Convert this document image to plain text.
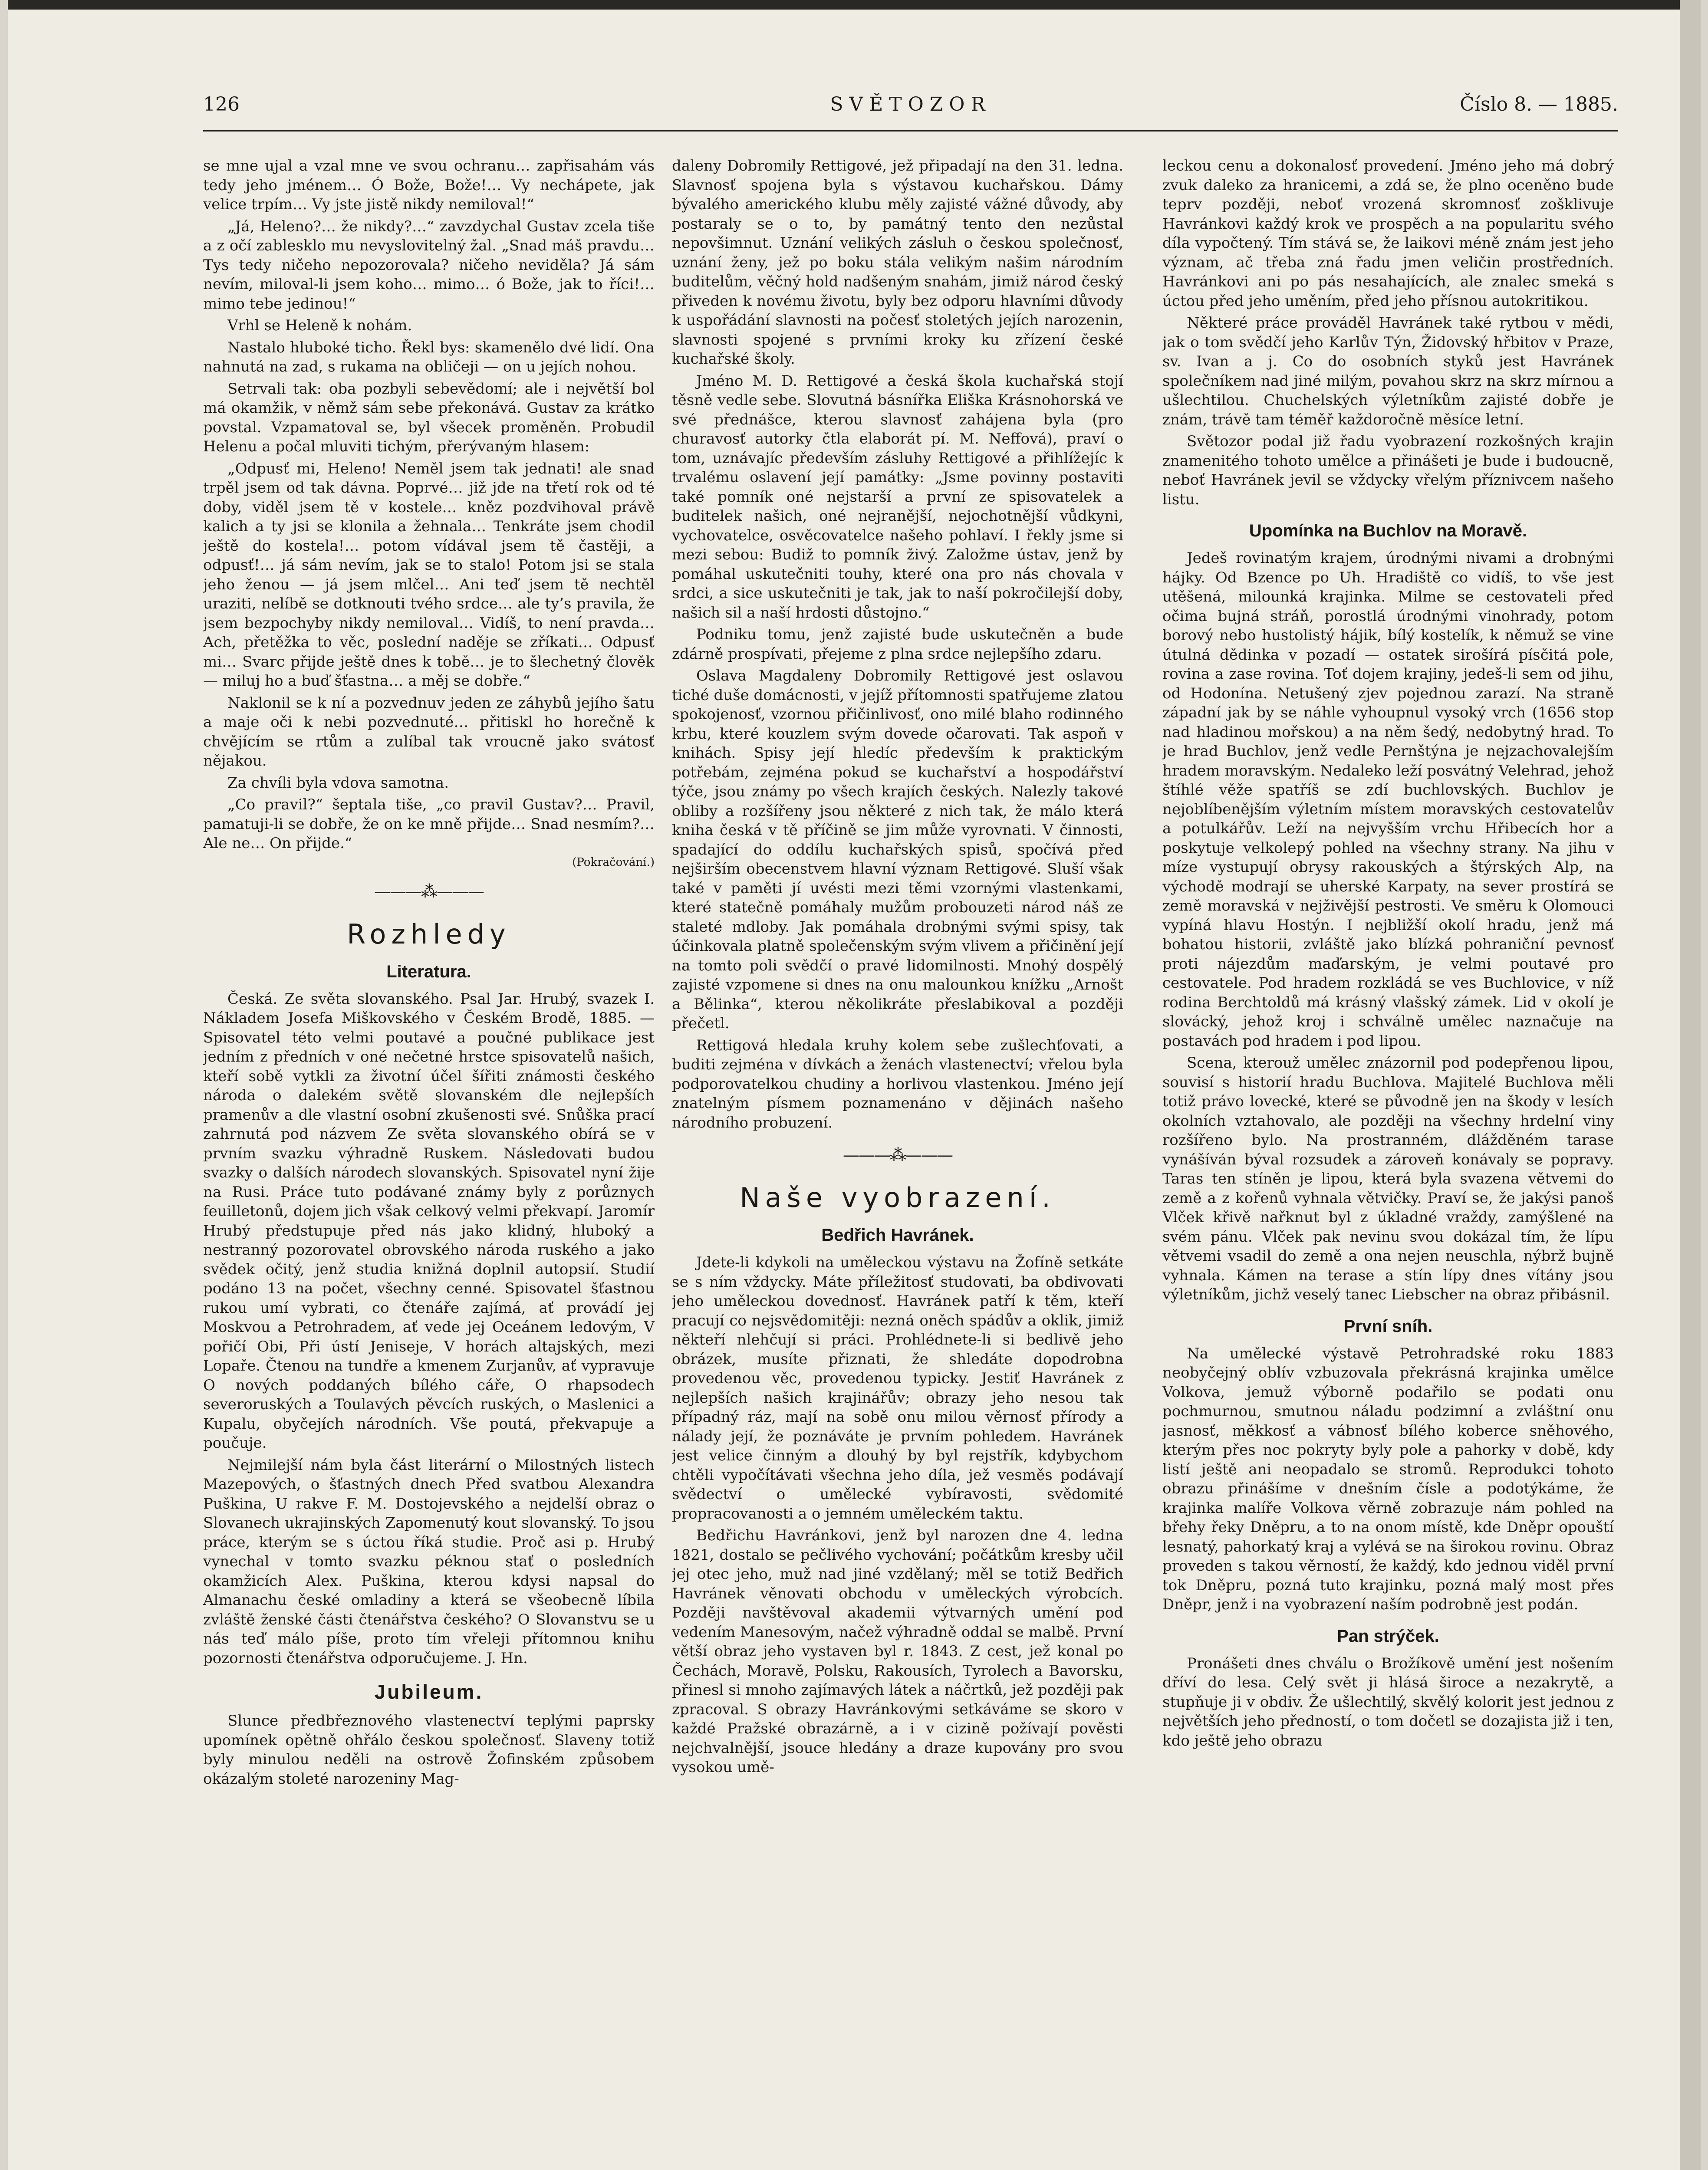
126	SVĚTOZOR	Číslo 8. — 1885.

se mne ujal a vzal mne ve svou ochranu… zapřisahám vás tedy jeho jménem… Ó Bože, Bože!… Vy nechápete, jak velice trpím… Vy jste jistě nikdy nemiloval!“

„Já, Heleno?… že nikdy?…“ zavzdychal Gustav zcela tiše a z očí zablesklo mu nevyslovitelný žal. „Snad máš pravdu… Tys tedy ničeho nepozorovala? ničeho neviděla? Já sám nevím, miloval-li jsem koho… mimo… ó Bože, jak to říci!… mimo tebe jedinou!“

Vrhl se Heleně k nohám.

Nastalo hluboké ticho. Řekl bys: skamenělo dvé lidí. Ona nahnutá na zad, s rukama na obličeji — on u jejích nohou.

Setrvali tak: oba pozbyli sebevědomí; ale i největší bol má okamžik, v němž sám sebe překonává. Gustav za krátko povstal. Vzpamatoval se, byl všecek proměněn. Probudil Helenu a počal mluviti tichým, přerývaným hlasem:

„Odpusť mi, Heleno! Neměl jsem tak jednati! ale snad trpěl jsem od tak dávna. Poprvé… již jde na třetí rok od té doby, viděl jsem tě v kostele… kněz pozdvihoval právě kalich a ty jsi se klonila a žehnala… Tenkráte jsem chodil ještě do kostela!… potom vídával jsem tě častěji, a odpusť!… já sám nevím, jak se to stalo! Potom jsi se stala jeho ženou — já jsem mlčel… Ani teď jsem tě nechtěl uraziti, nelíbě se dotknouti tvého srdce… ale ty’s pravila, že jsem bezpochyby nikdy nemiloval… Vidíš, to není pravda… Ach, přetěžka to věc, poslední naděje se zříkati… Odpusť mi… Svarc přijde ještě dnes k tobě… je to šlechetný člověk — miluj ho a buď šťastna… a měj se dobře.“

Naklonil se k ní a pozvednuv jeden ze záhybů jejího šatu a maje oči k nebi pozvednuté… přitiskl ho horečně k chvějícím se rtům a zulíbal tak vroucně jako svátosť nějakou.

Za chvíli byla vdova samotna.

„Co pravil?“ šeptala tiše, „co pravil Gustav?… Pravil, pamatuji-li se dobře, že on ke mně přijde… Snad nesmím?… Ale ne… On přijde.“

(Pokračování.)
———⁂———
Rozhledy
Literatura.

Česká. Ze světa slovanského. Psal Jar. Hrubý, svazek I. Nákladem Josefa Miškovského v Českém Brodě, 1885. — Spisovatel této velmi poutavé a poučné publikace jest jedním z předních v oné nečetné hrstce spisovatelů našich, kteří sobě vytkli za životní účel šířiti známosti českého národa o dalekém světě slovanském dle nejlepších pramenův a dle vlastní osobní zkušenosti své. Snůška prací zahrnutá pod názvem Ze světa slovanského obírá se v prvním svazku výhradně Ruskem. Následovati budou svazky o dalších národech slovanských. Spisovatel nyní žije na Rusi. Práce tuto podávané známy byly z porůznych feuilletonů, dojem jich však celkový velmi překvapí. Jaromír Hrubý předstupuje před nás jako klidný, hluboký a nestranný pozorovatel obrovského národa ruského a jako svědek očitý, jenž studia knižná doplnil autopsií. Studií podáno 13 na počet, všechny cenné. Spisovatel šťastnou rukou umí vybrati, co čtenáře zajímá, ať provádí jej Moskvou a Petrohradem, ať vede jej Oceánem ledovým, V pořičí Obi, Při ústí Jeniseje, V horách altajských, mezi Lopaře. Čtenou na tundře a kmenem Zurjanův, ať vypravuje O nových poddaných bílého cáře, O rhapsodech severoruských a Toulavých pěvcích ruských, o Maslenici a Kupalu, obyčejích národních. Vše poutá, překvapuje a poučuje.

Nejmilejší nám byla část literární o Milostných listech Mazepových, o šťastných dnech Před svatbou Alexandra Puškina, U rakve F. M. Dostojevského a nejdelší obraz o Slovanech ukrajinských Zapomenutý kout slovanský. To jsou práce, kterým se s úctou říká studie. Proč asi p. Hrubý vynechal v tomto svazku péknou stať o posledních okamžicích Alex. Puškina, kterou kdysi napsal do Almanachu české omladiny a která se všeobecně líbila zvláště ženské části čtenářstva českého? O Slovanstvu se u nás teď málo píše, proto tím vřeleji přítomnou knihu pozornosti čtenářstva odporučujeme. J. Hn.

Jubileum.

Slunce předbřeznového vlastenectví teplými paprsky upomínek opětně ohřálo českou společnosť. Slaveny totiž byly minulou neděli na ostrově Žofinském způsobem okázalým stoleté narozeniny Mag-

daleny Dobromily Rettigové, jež připadají na den 31. ledna. Slavnosť spojena byla s výstavou kuchařskou. Dámy bývalého amerického klubu měly zajisté vážné důvody, aby postaraly se o to, by památný tento den nezůstal nepovšimnut. Uznání velikých zásluh o českou společnosť, uznání ženy, jež po boku stála velikým našim národním buditelům, věčný hold nadšeným snahám, jimiž národ český přiveden k novému životu, byly bez odporu hlavními důvody k uspořádání slavnosti na počesť stoletých jejích narozenin, slavnosti spojené s prvními kroky ku zřízení české kuchařské školy.

Jméno M. D. Rettigové a česká škola kuchařská stojí těsně vedle sebe. Slovutná básnířka Eliška Krásnohorská ve své přednášce, kterou slavnosť zahájena byla (pro churavosť autorky čtla elaborát pí. M. Neffová), praví o tom, uznávajíc především zásluhy Rettigové a přihlížejíc k trvalému oslavení její památky: „Jsme povinny postaviti také pomník oné nejstarší a první ze spisovatelek a buditelek našich, oné nejranější, nejochotnější vůdkyni, vychovatelce, osvěcovatelce našeho pohlaví. I řekly jsme si mezi sebou: Budiž to pomník živý. Založme ústav, jenž by pomáhal uskutečniti touhy, které ona pro nás chovala v srdci, a sice uskutečniti je tak, jak to naší pokročilejší doby, našich sil a naší hrdosti důstojno.“

Podniku tomu, jenž zajisté bude uskutečněn a bude zdárně prospívati, přejeme z plna srdce nejlepšího zdaru.

Oslava Magdaleny Dobromily Rettigové jest oslavou tiché duše domácnosti, v jejíž přítomnosti spatřujeme zlatou spokojenosť, vzornou přičinlivosť, ono milé blaho rodinného krbu, které kouzlem svým dovede očarovati. Tak aspoň v knihách. Spisy její hledíc především k praktickým potřebám, zejména pokud se kuchařství a hospodářství týče, jsou známy po všech krajích českých. Nalezly takové obliby a rozšířeny jsou některé z nich tak, že málo která kniha česká v tě příčině se jim může vyrovnati. V činnosti, spadající do oddílu kuchařských spisů, spočívá před nejširším obecenstvem hlavní význam Rettigové. Sluší však také v paměti jí uvésti mezi těmi vzornými vlastenkami, které statečně pomáhaly mužům probouzeti národ náš ze staleté mdloby. Jak pomáhala drobnými svými spisy, tak účinkovala platně společenským svým vlivem a přičinění její na tomto poli svědčí o pravé lidomilnosti. Mnohý dospělý zajisté vzpomene si dnes na onu malounkou knížku „Arnošt a Bělinka“, kterou několikráte přeslabikoval a později přečetl.

Rettigová hledala kruhy kolem sebe zušlechťovati, a buditi zejména v dívkách a ženách vlastenectví; vřelou byla podporovatelkou chudiny a horlivou vlastenkou. Jméno její znatelným písmem poznamenáno v dějinách našeho národního probuzení.

———⁂———
Naše vyobrazení.
Bedřich Havránek.

Jdete-li kdykoli na uměleckou výstavu na Žofíně setkáte se s ním vždycky. Máte příležitosť studovati, ba obdivovati jeho uměleckou dovednosť. Havránek patří k těm, kteří pracují co nejsvědomitěji: nezná oněch spádův a oklik, jimiž někteří nlehčují si práci. Prohlédnete-li si bedlivě jeho obrázek, musíte přiznati, že shledáte dopodrobna provedenou věc, provedenou typicky. Jestiť Havránek z nejlepších našich krajinářův; obrazy jeho nesou tak případný ráz, mají na sobě onu milou věrnosť přírody a nálady její, že poznáváte je prvním pohledem. Havránek jest velice činným a dlouhý by byl rejstřík, kdybychom chtěli vypočítávati všechna jeho díla, jež vesměs podávají svědectví o umělecké vybíravosti, svědomité propracovanosti a o jemném uměleckém taktu.

Bedřichu Havránkovi, jenž byl narozen dne 4. ledna 1821, dostalo se pečlivého vychování; počátkům kresby učil jej otec jeho, muž nad jiné vzdělaný; měl se totiž Bedřich Havránek věnovati obchodu v uměleckých výrobcích. Později navštěvoval akademii výtvarných umění pod vedením Manesovým, načež výhradně oddal se malbě. První větší obraz jeho vystaven byl r. 1843. Z cest, jež konal po Čechách, Moravě, Polsku, Rakousích, Tyrolech a Bavorsku, přinesl si mnoho zajímavých látek a náčrtků, jež později pak zpracoval. S obrazy Havránkovými setkáváme se skoro v každé Pražské obrazárně, a i v cizině požívají pověsti nejchvalnější, jsouce hledány a draze kupovány pro svou vysokou umě-

leckou cenu a dokonalosť provedení. Jméno jeho má dobrý zvuk daleko za hranicemi, a zdá se, že plno oceněno bude teprv později, neboť vrozená skromnosť zošklivuje Havránkovi každý krok ve prospěch a na popularitu svého díla vypočtený. Tím stává se, že laikovi méně znám jest jeho význam, ač třeba zná řadu jmen veličin prostředních. Havránkovi ani po pás nesahajících, ale znalec smeká s úctou před jeho uměním, před jeho přísnou autokritikou.

Některé práce prováděl Havránek také rytbou v mědi, jak o tom svědčí jeho Karlův Týn, Židovský hřbitov v Praze, sv. Ivan a j. Co do osobních styků jest Havránek společníkem nad jiné milým, povahou skrz na skrz mírnou a ušlechtilou. Chuchelských výletníkům zajisté dobře je znám, trávě tam téměř každoročně měsíce letní.

Světozor podal již řadu vyobrazení rozkošných krajin znamenitého tohoto umělce a přinášeti je bude i budoucně, neboť Havránek jevil se vždycky vřelým příznivcem našeho listu.

Upomínka na Buchlov na Moravě.

Jedeš rovinatým krajem, úrodnými nivami a drobnými hájky. Od Bzence po Uh. Hradiště co vidíš, to vše jest utěšená, milounká krajinka. Milme se cestovateli před očima bujná stráň, porostlá úrodnými vinohrady, potom borový nebo hustolistý hájik, bílý kostelík, k němuž se vine útulná dědinka v pozadí — ostatek sirošírá písčitá pole, rovina a zase rovina. Toť dojem krajiny, jedeš-li sem od jihu, od Hodonína. Netušený zjev pojednou zarazí. Na straně západní jak by se náhle vyhoupnul vysoký vrch (1656 stop nad hladinou mořskou) a na něm šedý, nedobytný hrad. To je hrad Buchlov, jenž vedle Pernštýna je nejzachovalejším hradem moravským. Nedaleko leží posvátný Velehrad, jehož štíhlé věže spatříš se zdí buchlovských. Buchlov je nejoblíbenějším výletním místem moravských cestovatelův a potulkářův. Leží na nejvyšším vrchu Hřibecích hor a poskytuje velkolepý pohled na všechny strany. Na jihu v míze vystupují obrysy rakouských a štýrských Alp, na východě modrají se uherské Karpaty, na sever prostírá se země moravská v nejživější pestrosti. Ve směru k Olomouci vypíná hlavu Hostýn. I nejbližší okolí hradu, jenž má bohatou historii, zvláště jako blízká pohraniční pevnosť proti nájezdům maďarským, je velmi poutavé pro cestovatele. Pod hradem rozkládá se ves Buchlovice, v níž rodina Berchtoldů má krásný vlašský zámek. Lid v okolí je slovácký, jehož kroj i schválně umělec naznačuje na postavách pod hradem i pod lipou.

Scena, kterouž umělec znázornil pod podepřenou lipou, souvisí s historií hradu Buchlova. Majitelé Buchlova měli totiž právo lovecké, které se původně jen na škody v lesích okolních vztahovalo, ale později na všechny hrdelní viny rozšířeno bylo. Na prostranném, dlážděném tarase vynášíván býval rozsudek a zároveň konávaly se popravy. Taras ten stíněn je lipou, která byla svazena větvemi do země a z kořenů vyhnala větvičky. Praví se, že jakýsi panoš Vlček křivě nařknut byl z úkladné vraždy, zamýšlené na svém pánu. Vlček pak nevinu svou dokázal tím, že lípu větvemi vsadil do země a ona nejen neuschla, nýbrž bujně vyhnala. Kámen na terase a stín lípy dnes vítány jsou výletníkům, jichž veselý tanec Liebscher na obraz přibásnil.

První sníh.

Na umělecké výstavě Petrohradské roku 1883 neobyčejný oblív vzbuzovala překrásná krajinka umělce Volkova, jemuž výborně podařilo se podati onu pochmurnou, smutnou náladu podzimní a zvláštní onu jasnosť, měkkosť a vábnosť bílého koberce sněhového, kterým přes noc pokryty byly pole a pahorky v době, kdy listí ještě ani neopadalo se stromů. Reprodukci tohoto obrazu přinášíme v dnešním čísle a podotýkáme, že krajinka malíře Volkova věrně zobrazuje nám pohled na břehy řeky Dněpru, a to na onom místě, kde Dněpr opouští lesnatý, pahorkatý kraj a vylévá se na širokou rovinu. Obraz proveden s takou věrností, že každý, kdo jednou viděl první tok Dněpru, pozná tuto krajinku, pozná malý most přes Dněpr, jenž i na vyobrazení naším podrobně jest podán.

Pan strýček.

Pronášeti dnes chválu o Brožíkově umění jest nošením dříví do lesa. Celý svět ji hlásá široce a nezakrytě, a stupňuje ji v obdiv. Že ušlechtilý, skvělý kolorit jest jednou z největších jeho předností, o tom dočetl se dozajista již i ten, kdo ještě jeho obrazu
